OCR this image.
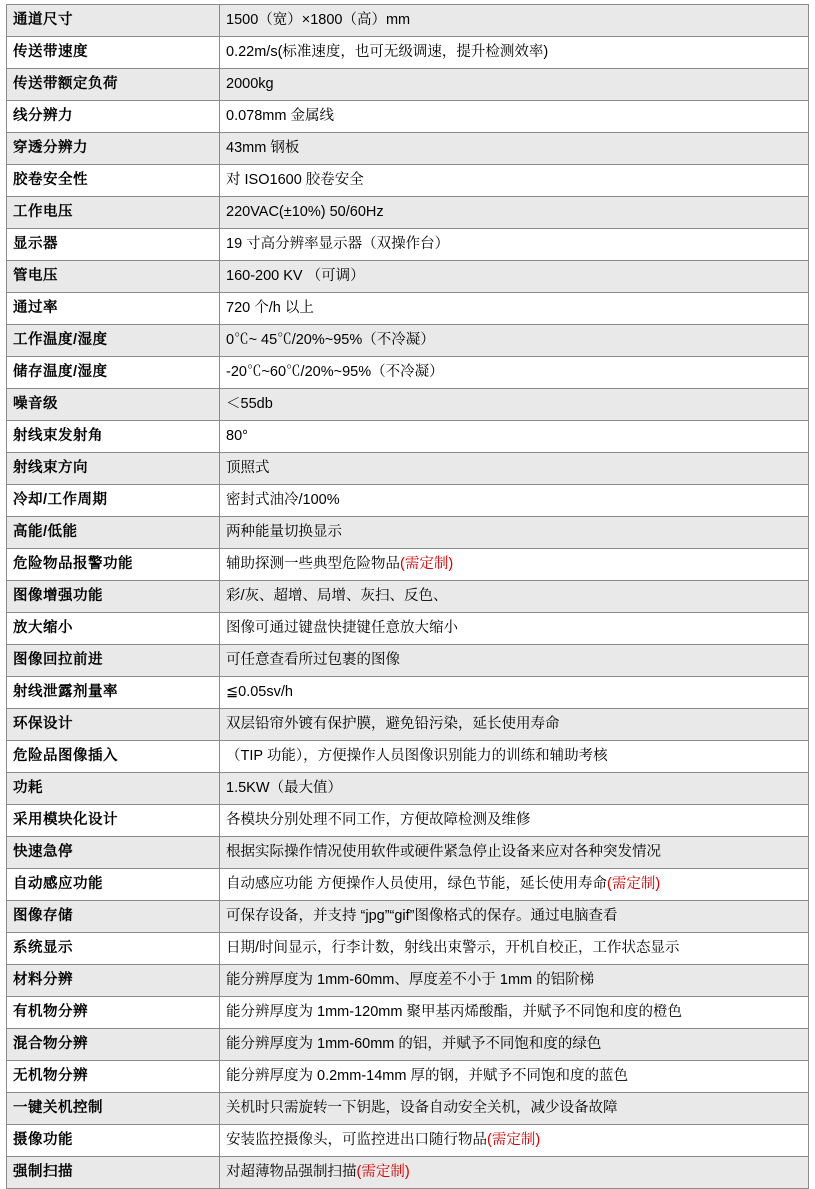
通道尺寸	1500（宽）×1800（高）mm
传送带速度	0.22m/s(标准速度，也可无级调速，提升检测效率)
传送带额定负荷	2000kg
线分辨力	0.078mm 金属线
穿透分辨力	43mm 钢板
胶卷安全性	对 ISO1600 胶卷安全
工作电压	220VAC(±10%) 50/60Hz
显示器	19 寸高分辨率显示器（双操作台）
管电压	160-200 KV （可调）
通过率	720 个/h 以上
工作温度/湿度	0℃~ 45℃/20%~95%（不冷凝）
储存温度/湿度	-20℃~60℃/20%~95%（不冷凝）
噪音级	＜55db
射线束发射角	80°
射线束方向	顶照式
冷却/工作周期	密封式油冷/100%
高能/低能	两种能量切换显示
危险物品报警功能	辅助探测一些典型危险物品(需定制)
图像增强功能	彩/灰、超增、局增、灰扫、反色、
放大缩小	图像可通过键盘快捷键任意放大缩小
图像回拉前进	可任意查看所过包裹的图像
射线泄露剂量率	≦0.05sv/h
环保设计	双层铅帘外镀有保护膜，避免铅污染，延长使用寿命
危险品图像插入	（TIP 功能），方便操作人员图像识别能力的训练和辅助考核
功耗	1.5KW（最大值）
采用模块化设计	各模块分别处理不同工作，方便故障检测及维修
快速急停	根据实际操作情况使用软件或硬件紧急停止设备来应对各种突发情况
自动感应功能	自动感应功能 方便操作人员使用，绿色节能，延长使用寿命(需定制)
图像存储	可保存设备，并支持 “jpg”“gif”图像格式的保存。通过电脑查看
系统显示	日期/时间显示，行李计数，射线出束警示，开机自校正，工作状态显示
材料分辨	能分辨厚度为 1mm-60mm、厚度差不小于 1mm 的铝阶梯
有机物分辨	能分辨厚度为 1mm-120mm 聚甲基丙烯酸酯，并赋予不同饱和度的橙色
混合物分辨	能分辨厚度为 1mm-60mm 的铝，并赋予不同饱和度的绿色
无机物分辨	能分辨厚度为 0.2mm-14mm 厚的钢，并赋予不同饱和度的蓝色
一键关机控制	关机时只需旋转一下钥匙，设备自动安全关机，减少设备故障
摄像功能	安装监控摄像头，可监控进出口随行物品(需定制)
强制扫描	对超薄物品强制扫描(需定制)
